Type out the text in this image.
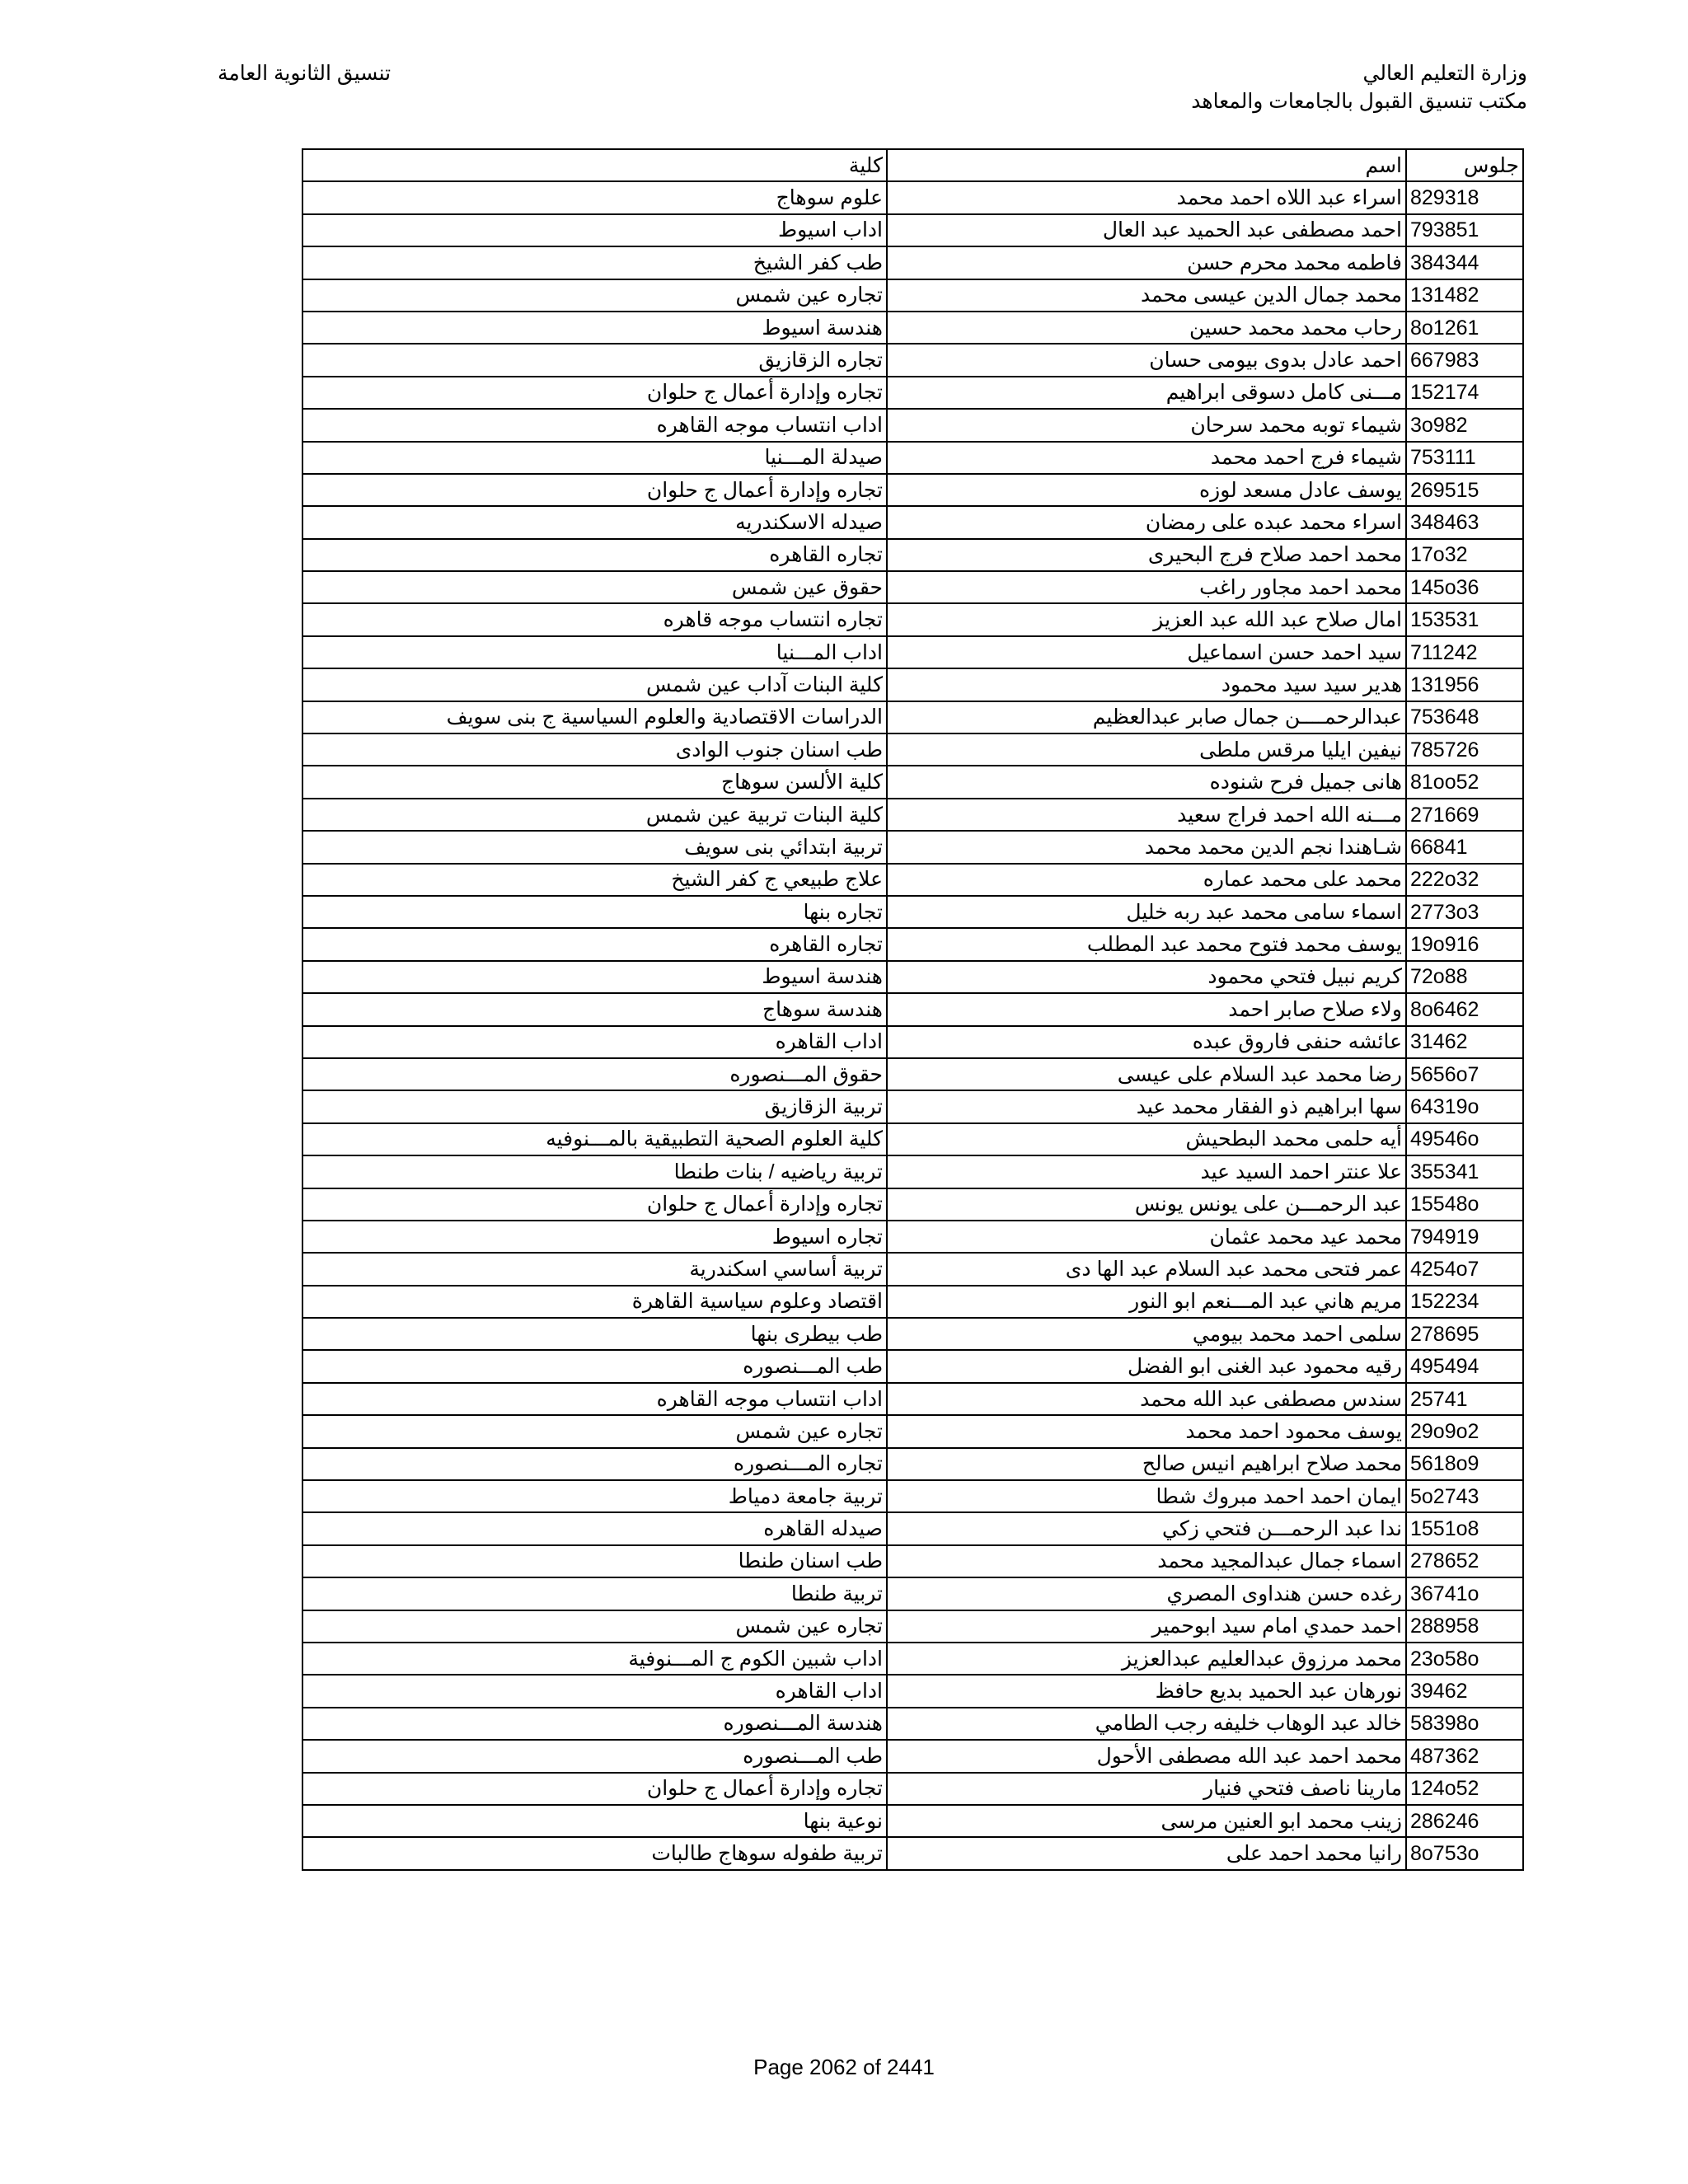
وزارة التعليم العالي
مكتب تنسيق القبول بالجامعات والمعاهد
تنسيق الثانوية العامة
جلوس	اسم	كلية
829318	اسراء عبد اللاه احمد محمد	علوم سوهاج
793851	احمد مصطفى عبد الحميد عبد العال	اداب اسيوط
384344	فاطمه محمد محرم حسن	طب كفر الشيخ
131482	محمد جمال الدين عيسى محمد	تجاره عين شمس
8o1261	رحاب محمد محمد حسين	هندسة اسيوط
667983	احمد عادل بدوى بيومى حسان	تجاره الزقازيق
152174	مـــنى كامل دسوقى ابراهيم	تجاره وإدارة أعمال ج حلوان
3o982	شيماء توبه محمد سرحان	اداب انتساب موجه القاهره
753111	شيماء فرج احمد محمد	صيدلة المـــنيا
269515	يوسف عادل مسعد لوزه	تجاره وإدارة أعمال ج حلوان
348463	اسراء محمد عبده على رمضان	صيدله الاسكندريه
17o32	محمد احمد صلاح فرج البحيرى	تجاره القاهره
145o36	محمد احمد مجاور راغب	حقوق عين شمس
153531	امال صلاح عبد الله عبد العزيز	تجاره انتساب موجه قاهره
711242	سيد احمد حسن اسماعيل	اداب المـــنيا
131956	هدير سيد سيد محمود	كلية البنات آداب عين شمس
753648	عبدالرحمــــن جمال صابر عبدالعظيم	الدراسات الاقتصادية والعلوم السياسية ج بنى سويف
785726	نيفين ايليا مرقس ملطى	طب اسنان جنوب الوادى
81oo52	هانى جميل فرح شنوده	كلية الألسن سوهاج
271669	مـــنه الله احمد فراج سعيد	كلية البنات تربية عين شمس
66841	شـاهندا نجم الدين محمد محمد	تربية ابتدائي بنى سويف
222o32	محمد على محمد عماره	علاج طبيعي ج كفر الشيخ
2773o3	اسماء سامى محمد عبد ربه خليل	تجاره بنها
19o916	يوسف محمد فتوح محمد عبد المطلب	تجاره القاهره
72o88	كريم نبيل فتحي محمود	هندسة اسيوط
8o6462	ولاء صلاح صابر احمد	هندسة سوهاج
31462	عائشه حنفى فاروق عبده	اداب القاهره
5656o7	رضا محمد عبد السلام على عيسى	حقوق المـــنصوره
64319o	سها ابراهيم ذو الفقار محمد عيد	تربية الزقازيق
49546o	أيه حلمى محمد البطحيش	كلية العلوم الصحية التطبيقية بالمـــنوفيه
355341	علا عنتر احمد السيد عيد	تربية رياضيه / بنات طنطا
15548o	عبد الرحمـــن على يونس يونس	تجاره وإدارة أعمال ج حلوان
794919	محمد عيد محمد عثمان	تجاره اسيوط
4254o7	عمر فتحى محمد عبد السلام عبد الها دى	تربية أساسي اسكندرية
152234	مريم هاني عبد المـــنعم ابو النور	اقتصاد وعلوم سياسية القاهرة
278695	سلمى احمد محمد بيومي	طب بيطرى بنها
495494	رقيه محمود عبد الغنى ابو الفضل	طب المـــنصوره
25741	سندس مصطفى عبد الله محمد	اداب انتساب موجه القاهره
29o9o2	يوسف محمود احمد محمد	تجاره عين شمس
5618o9	محمد صلاح ابراهيم انيس صالح	تجاره المـــنصوره
5o2743	ايمان احمد احمد مبروك شطا	تربية جامعة دمياط
1551o8	ندا عبد الرحمـــن فتحي زكي	صيدله القاهره
278652	اسماء جمال عبدالمجيد محمد	طب اسنان طنطا
36741o	رغده حسن هنداوى المصري	تربية طنطا
288958	احمد حمدي امام سيد ابوحمير	تجاره عين شمس
23o58o	محمد مرزوق عبدالعليم عبدالعزيز	اداب شبين الكوم ج المـــنوفية
39462	نورهان عبد الحميد بديع حافظ	اداب القاهره
58398o	خالد عبد الوهاب خليفه رجب الطامي	هندسة المـــنصوره
487362	محمد احمد عبد الله مصطفى الأحول	طب المـــنصوره
124o52	مارينا ناصف فتحي فنيار	تجاره وإدارة أعمال ج حلوان
286246	زينب محمد ابو العنين مرسى	نوعية بنها
8o753o	رانيا محمد احمد على	تربية طفوله سوهاج طالبات
Page 2062 of 2441
